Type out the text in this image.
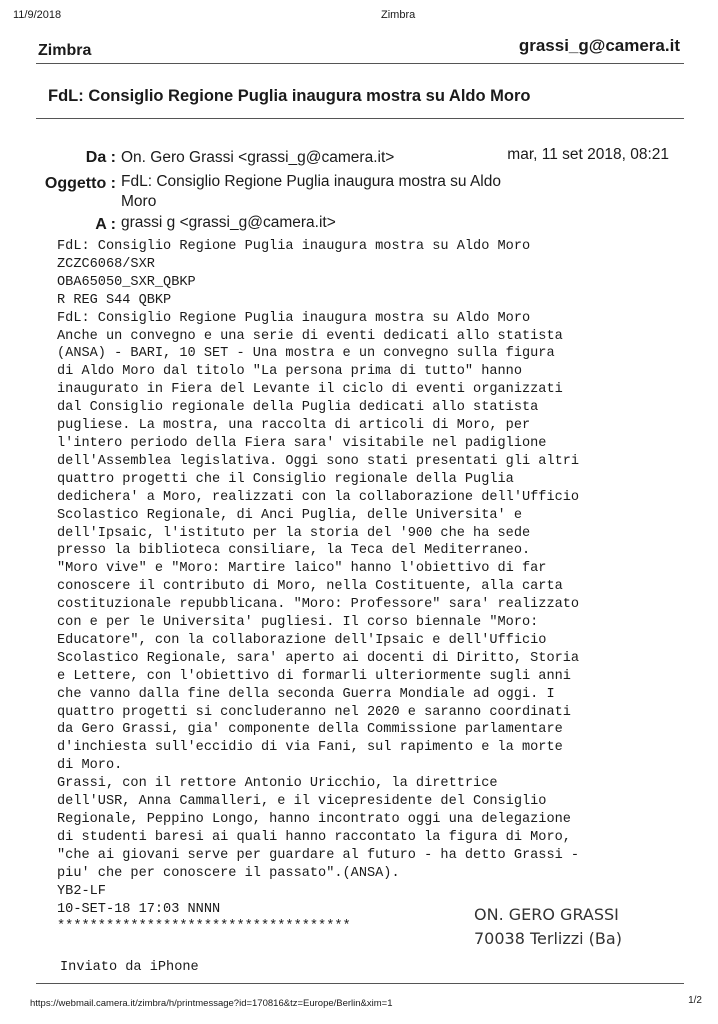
11/9/2018	Zimbra
Zimbra	grassi_g@camera.it
FdL: Consiglio Regione Puglia inaugura mostra su Aldo Moro
Da : On. Gero Grassi <grassi_g@camera.it>	mar, 11 set 2018, 08:21
Oggetto : FdL: Consiglio Regione Puglia inaugura mostra su Aldo
Moro
A : grassi g <grassi_g@camera.it>
FdL: Consiglio Regione Puglia inaugura mostra su Aldo Moro
ZCZC6068/SXR
OBA65050_SXR_QBKP
R REG S44 QBKP
FdL: Consiglio Regione Puglia inaugura mostra su Aldo Moro
Anche un convegno e una serie di eventi dedicati allo statista
(ANSA) - BARI, 10 SET - Una mostra e un convegno sulla figura
di Aldo Moro dal titolo "La persona prima di tutto" hanno
inaugurato in Fiera del Levante il ciclo di eventi organizzati
dal Consiglio regionale della Puglia dedicati allo statista
pugliese. La mostra, una raccolta di articoli di Moro, per
l'intero periodo della Fiera sara' visitabile nel padiglione
dell'Assemblea legislativa. Oggi sono stati presentati gli altri
quattro progetti che il Consiglio regionale della Puglia
dedichera' a Moro, realizzati con la collaborazione dell'Ufficio
Scolastico Regionale, di Anci Puglia, delle Universita' e
dell'Ipsaic, l'istituto per la storia del '900 che ha sede
presso la biblioteca consiliare, la Teca del Mediterraneo.
"Moro vive" e "Moro: Martire laico" hanno l'obiettivo di far
conoscere il contributo di Moro, nella Costituente, alla carta
costituzionale repubblicana. "Moro: Professore" sara' realizzato
con e per le Universita' pugliesi. Il corso biennale "Moro:
Educatore", con la collaborazione dell'Ipsaic e dell'Ufficio
Scolastico Regionale, sara' aperto ai docenti di Diritto, Storia
e Lettere, con l'obiettivo di formarli ulteriormente sugli anni
che vanno dalla fine della seconda Guerra Mondiale ad oggi. I
quattro progetti si concluderanno nel 2020 e saranno coordinati
da Gero Grassi, gia' componente della Commissione parlamentare
d'inchiesta sull'eccidio di via Fani, sul rapimento e la morte
di Moro.
Grassi, con il rettore Antonio Uricchio, la direttrice
dell'USR, Anna Cammalleri, e il vicepresidente del Consiglio
Regionale, Peppino Longo, hanno incontrato oggi una delegazione
di studenti baresi ai quali hanno raccontato la figura di Moro,
"che ai giovani serve per guardare al futuro - ha detto Grassi -
piu' che per conoscere il passato".(ANSA).
YB2-LF
10-SET-18 17:03 NNNN
************************************
ON. GERO GRASSI
70038 Terlizzi (Ba)
Inviato da iPhone
https://webmail.camera.it/zimbra/h/printmessage?id=170816&tz=Europe/Berlin&xim=1	1/2
